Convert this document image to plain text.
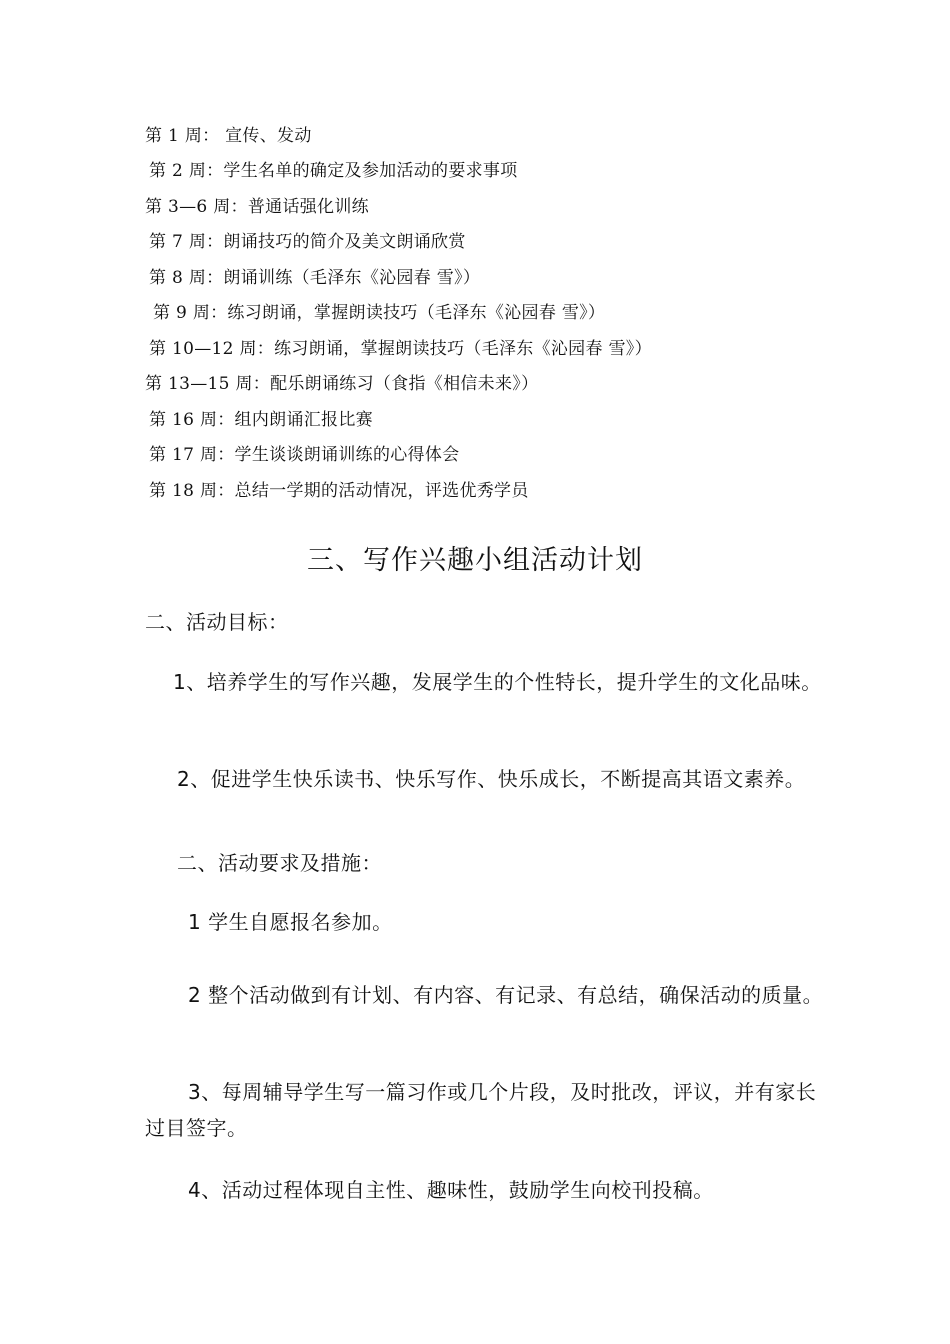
第 1 周： 宣传、发动
第 2 周：学生名单的确定及参加活动的要求事项
第 3—6 周：普通话强化训练
第 7 周：朗诵技巧的简介及美文朗诵欣赏
第 8 周：朗诵训练（毛泽东《沁园春 雪》）
第 9 周：练习朗诵，掌握朗读技巧（毛泽东《沁园春 雪》）
第 10—12 周：练习朗诵，掌握朗读技巧（毛泽东《沁园春 雪》）
第 13—15 周：配乐朗诵练习（食指《相信未来》）
第 16 周：组内朗诵汇报比赛
第 17 周：学生谈谈朗诵训练的心得体会
第 18 周：总结一学期的活动情况，评选优秀学员
三、写作兴趣小组活动计划
二、活动目标：
1、培养学生的写作兴趣，发展学生的个性特长，提升学生的文化品味。
2、促进学生快乐读书、快乐写作、快乐成长，不断提高其语文素养。
二、活动要求及措施：
1 学生自愿报名参加。
2 整个活动做到有计划、有内容、有记录、有总结，确保活动的质量。
3、每周辅导学生写一篇习作或几个片段，及时批改，评议，并有家长过目签字。
4、活动过程体现自主性、趣味性，鼓励学生向校刊投稿。
